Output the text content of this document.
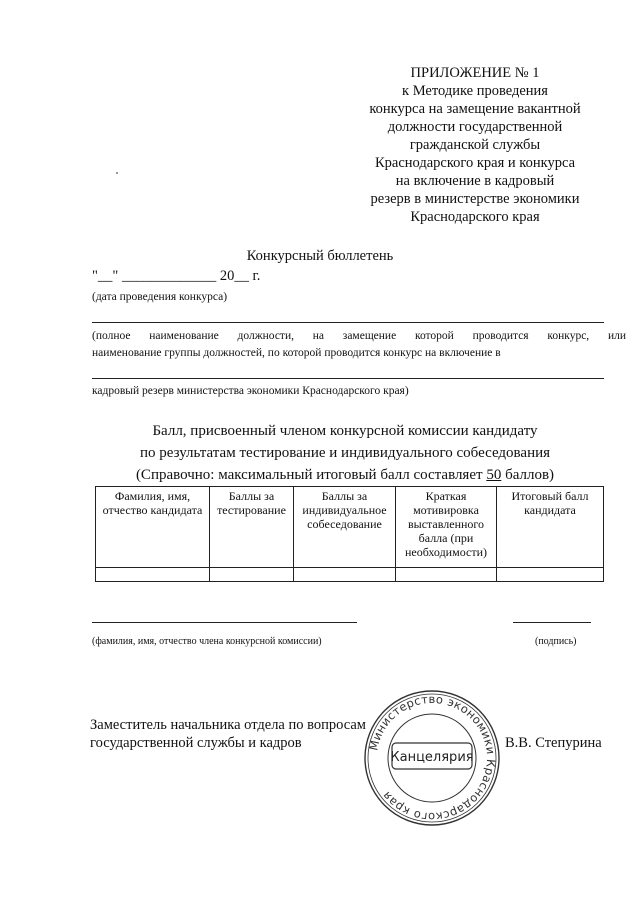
ПРИЛОЖЕНИЕ № 1
к Методике проведения
конкурса на замещение вакантной
должности государственной
гражданской службы
Краснодарского края и конкурса
на включение в кадровый
резерв в министерстве экономики
Краснодарского края
Конкурсный бюллетень
"__" _____________ 20__ г.
(дата проведения конкурса)
(полное наименование должности, на замещение которой проводится конкурс, или
наименование группы должностей, по которой проводится конкурс на включение в
кадровый резерв министерства экономики Краснодарского края)
Балл, присвоенный членом конкурсной комиссии кандидату
по результатам тестирование и индивидуального собеседования
(Справочно: максимальный итоговый балл составляет 50 баллов)
Фамилия, имя, отчество кандидата	Баллы за тестирование	Баллы за индивидуальное собеседование	Краткая мотивировка выставленного балла (при необходимости)	Итоговый балл кандидата

(фамилия, имя, отчество члена конкурсной комиссии)	(подпись)
Заместитель начальника отдела по вопросам
государственной службы и кадров	В.В. Степурина
Министерство экономики Краснодарского края
Канцелярия
